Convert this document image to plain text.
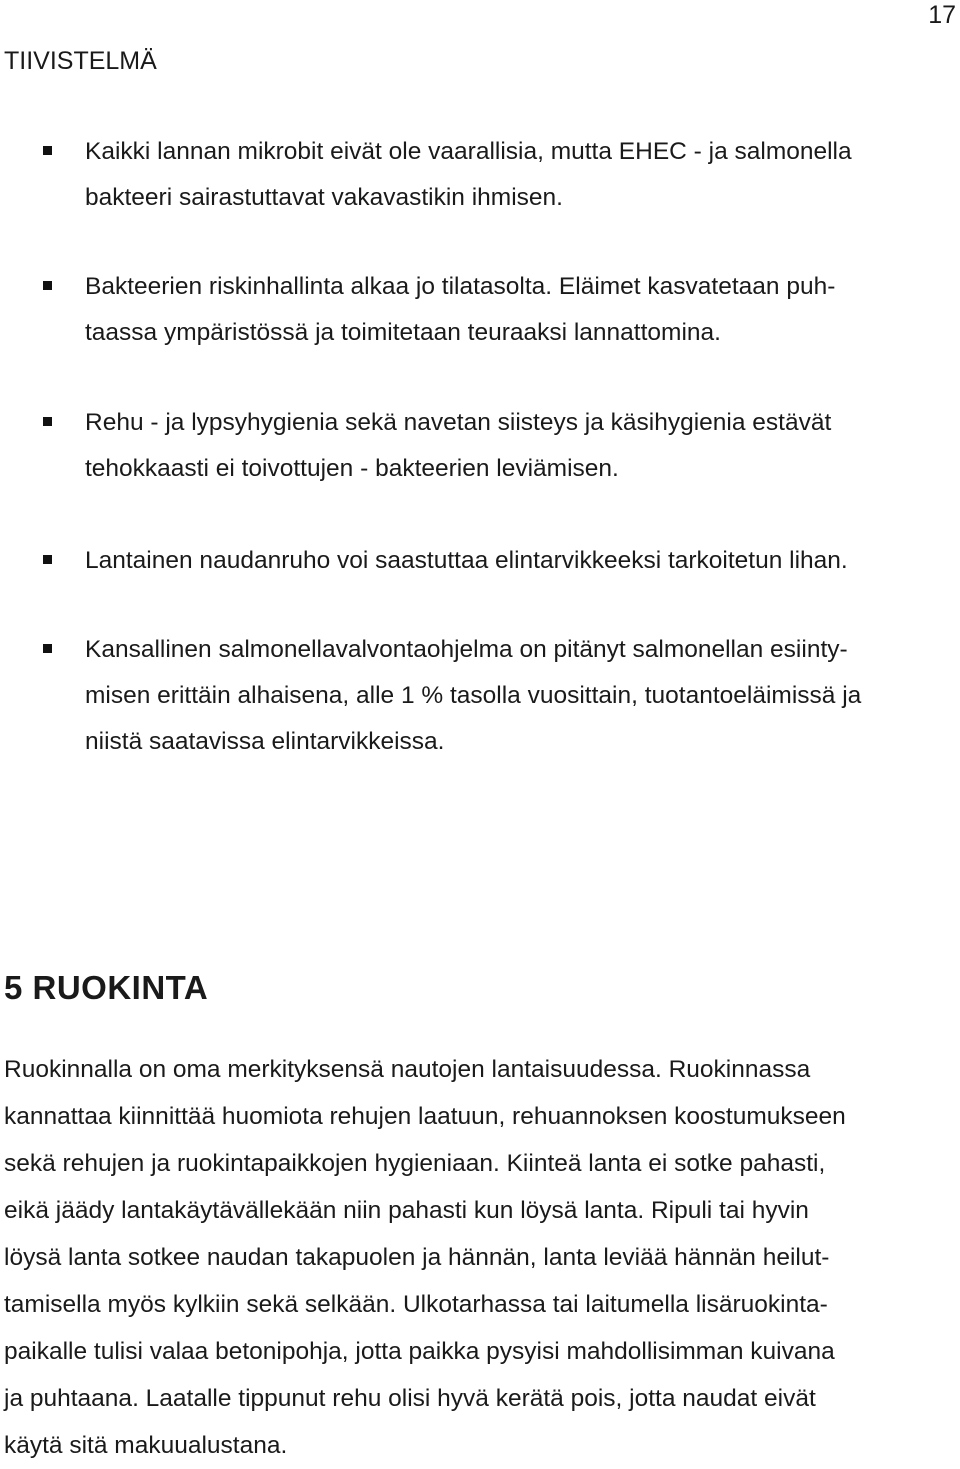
17
TIIVISTELMÄ
Kaikki lannan mikrobit eivät ole vaarallisia, mutta EHEC - ja salmonella
bakteeri sairastuttavat vakavastikin ihmisen.
Bakteerien riskinhallinta alkaa jo tilatasolta. Eläimet kasvatetaan puh-
taassa ympäristössä ja toimitetaan teuraaksi lannattomina.
Rehu - ja lypsyhygienia sekä navetan siisteys ja käsihygienia estävät
tehokkaasti ei toivottujen - bakteerien leviämisen.
Lantainen naudanruho voi saastuttaa elintarvikkeeksi tarkoitetun lihan.
Kansallinen salmonellavalvontaohjelma on pitänyt salmonellan esiinty-
misen erittäin alhaisena, alle 1 % tasolla vuosittain, tuotantoeläimissä ja
niistä saatavissa elintarvikkeissa.
5 RUOKINTA
Ruokinnalla on oma merkityksensä nautojen lantaisuudessa. Ruokinnassa
kannattaa kiinnittää huomiota rehujen laatuun, rehuannoksen koostumukseen
sekä rehujen ja ruokintapaikkojen hygieniaan. Kiinteä lanta ei sotke pahasti,
eikä jäädy lantakäytävällekään niin pahasti kun löysä lanta. Ripuli tai hyvin
löysä lanta sotkee naudan takapuolen ja hännän, lanta leviää hännän heilut-
tamisella myös kylkiin sekä selkään. Ulkotarhassa tai laitumella lisäruokinta-
paikalle tulisi valaa betonipohja, jotta paikka pysyisi mahdollisimman kuivana
ja puhtaana. Laatalle tippunut rehu olisi hyvä kerätä pois, jotta naudat eivät
käytä sitä makuualustana.
